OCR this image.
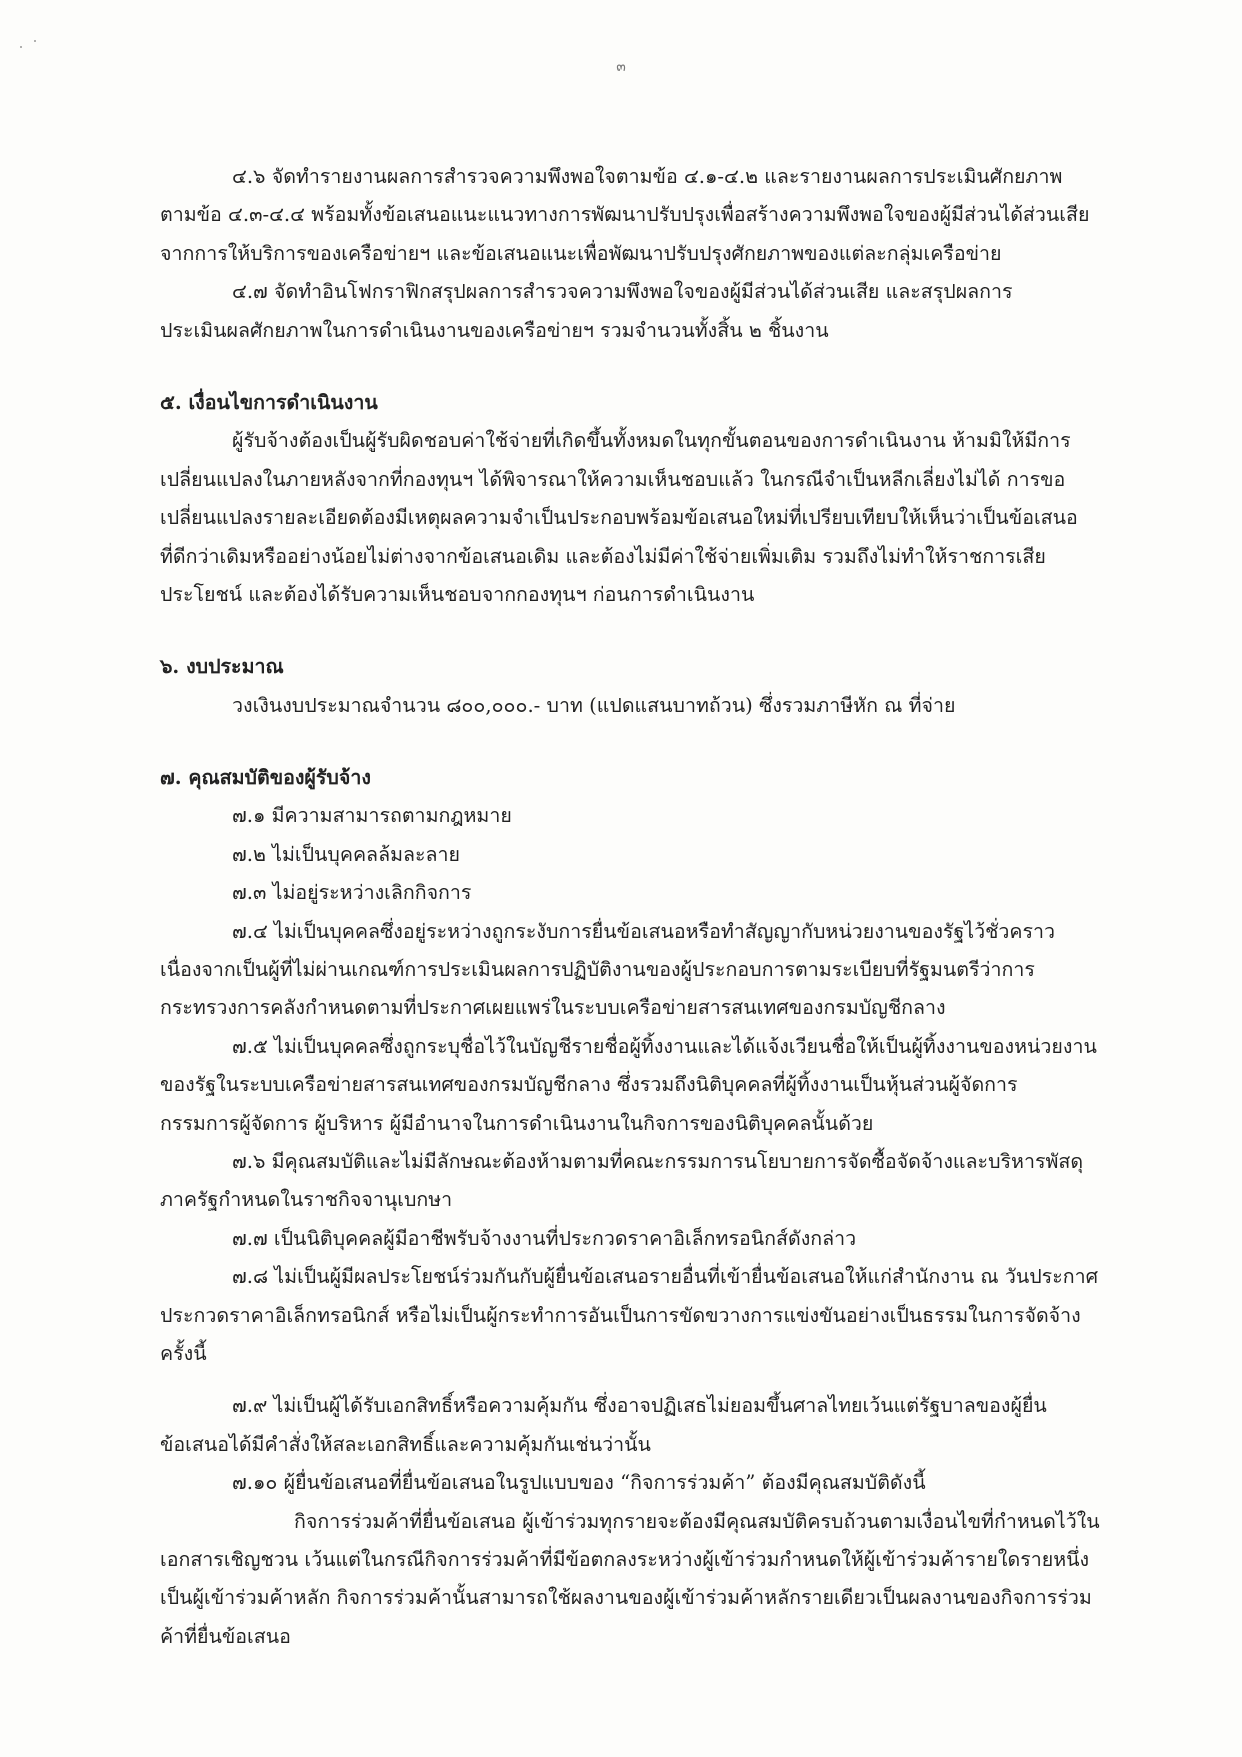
๓
๔.๖ จัดทำรายงานผลการสำรวจความพึงพอใจตามข้อ ๔.๑-๔.๒ และรายงานผลการประเมินศักยภาพ
ตามข้อ ๔.๓-๔.๔ พร้อมทั้งข้อเสนอแนะแนวทางการพัฒนาปรับปรุงเพื่อสร้างความพึงพอใจของผู้มีส่วนได้ส่วนเสีย
จากการให้บริการของเครือข่ายฯ และข้อเสนอแนะเพื่อพัฒนาปรับปรุงศักยภาพของแต่ละกลุ่มเครือข่าย
๔.๗ จัดทำอินโฟกราฟิกสรุปผลการสำรวจความพึงพอใจของผู้มีส่วนได้ส่วนเสีย และสรุปผลการ
ประเมินผลศักยภาพในการดำเนินงานของเครือข่ายฯ รวมจำนวนทั้งสิ้น ๒ ชิ้นงาน
๕. เงื่อนไขการดำเนินงาน
ผู้รับจ้างต้องเป็นผู้รับผิดชอบค่าใช้จ่ายที่เกิดขึ้นทั้งหมดในทุกขั้นตอนของการดำเนินงาน ห้ามมิให้มีการ
เปลี่ยนแปลงในภายหลังจากที่กองทุนฯ ได้พิจารณาให้ความเห็นชอบแล้ว ในกรณีจำเป็นหลีกเลี่ยงไม่ได้ การขอ
เปลี่ยนแปลงรายละเอียดต้องมีเหตุผลความจำเป็นประกอบพร้อมข้อเสนอใหม่ที่เปรียบเทียบให้เห็นว่าเป็นข้อเสนอ
ที่ดีกว่าเดิมหรืออย่างน้อยไม่ต่างจากข้อเสนอเดิม และต้องไม่มีค่าใช้จ่ายเพิ่มเติม รวมถึงไม่ทำให้ราชการเสีย
ประโยชน์ และต้องได้รับความเห็นชอบจากกองทุนฯ ก่อนการดำเนินงาน
๖. งบประมาณ
วงเงินงบประมาณจำนวน ๘๐๐,๐๐๐.- บาท (แปดแสนบาทถ้วน) ซึ่งรวมภาษีหัก ณ ที่จ่าย
๗. คุณสมบัติของผู้รับจ้าง
๗.๑ มีความสามารถตามกฎหมาย
๗.๒ ไม่เป็นบุคคลล้มละลาย
๗.๓ ไม่อยู่ระหว่างเลิกกิจการ
๗.๔ ไม่เป็นบุคคลซึ่งอยู่ระหว่างถูกระงับการยื่นข้อเสนอหรือทำสัญญากับหน่วยงานของรัฐไว้ชั่วคราว
เนื่องจากเป็นผู้ที่ไม่ผ่านเกณฑ์การประเมินผลการปฏิบัติงานของผู้ประกอบการตามระเบียบที่รัฐมนตรีว่าการ
กระทรวงการคลังกำหนดตามที่ประกาศเผยแพร่ในระบบเครือข่ายสารสนเทศของกรมบัญชีกลาง
๗.๕ ไม่เป็นบุคคลซึ่งถูกระบุชื่อไว้ในบัญชีรายชื่อผู้ทิ้งงานและได้แจ้งเวียนชื่อให้เป็นผู้ทิ้งงานของหน่วยงาน
ของรัฐในระบบเครือข่ายสารสนเทศของกรมบัญชีกลาง ซึ่งรวมถึงนิติบุคคลที่ผู้ทิ้งงานเป็นหุ้นส่วนผู้จัดการ
กรรมการผู้จัดการ ผู้บริหาร ผู้มีอำนาจในการดำเนินงานในกิจการของนิติบุคคลนั้นด้วย
๗.๖ มีคุณสมบัติและไม่มีลักษณะต้องห้ามตามที่คณะกรรมการนโยบายการจัดซื้อจัดจ้างและบริหารพัสดุ
ภาครัฐกำหนดในราชกิจจานุเบกษา
๗.๗ เป็นนิติบุคคลผู้มีอาชีพรับจ้างงานที่ประกวดราคาอิเล็กทรอนิกส์ดังกล่าว
๗.๘ ไม่เป็นผู้มีผลประโยชน์ร่วมกันกับผู้ยื่นข้อเสนอรายอื่นที่เข้ายื่นข้อเสนอให้แก่สำนักงาน ณ วันประกาศ
ประกวดราคาอิเล็กทรอนิกส์ หรือไม่เป็นผู้กระทำการอันเป็นการขัดขวางการแข่งขันอย่างเป็นธรรมในการจัดจ้าง
ครั้งนี้
๗.๙ ไม่เป็นผู้ได้รับเอกสิทธิ์หรือความคุ้มกัน ซึ่งอาจปฏิเสธไม่ยอมขึ้นศาลไทยเว้นแต่รัฐบาลของผู้ยื่น
ข้อเสนอได้มีคำสั่งให้สละเอกสิทธิ์และความคุ้มกันเช่นว่านั้น
๗.๑๐ ผู้ยื่นข้อเสนอที่ยื่นข้อเสนอในรูปแบบของ “กิจการร่วมค้า” ต้องมีคุณสมบัติดังนี้
กิจการร่วมค้าที่ยื่นข้อเสนอ ผู้เข้าร่วมทุกรายจะต้องมีคุณสมบัติครบถ้วนตามเงื่อนไขที่กำหนดไว้ใน
เอกสารเชิญชวน เว้นแต่ในกรณีกิจการร่วมค้าที่มีข้อตกลงระหว่างผู้เข้าร่วมกำหนดให้ผู้เข้าร่วมค้ารายใดรายหนึ่ง
เป็นผู้เข้าร่วมค้าหลัก กิจการร่วมค้านั้นสามารถใช้ผลงานของผู้เข้าร่วมค้าหลักรายเดียวเป็นผลงานของกิจการร่วม
ค้าที่ยื่นข้อเสนอ
